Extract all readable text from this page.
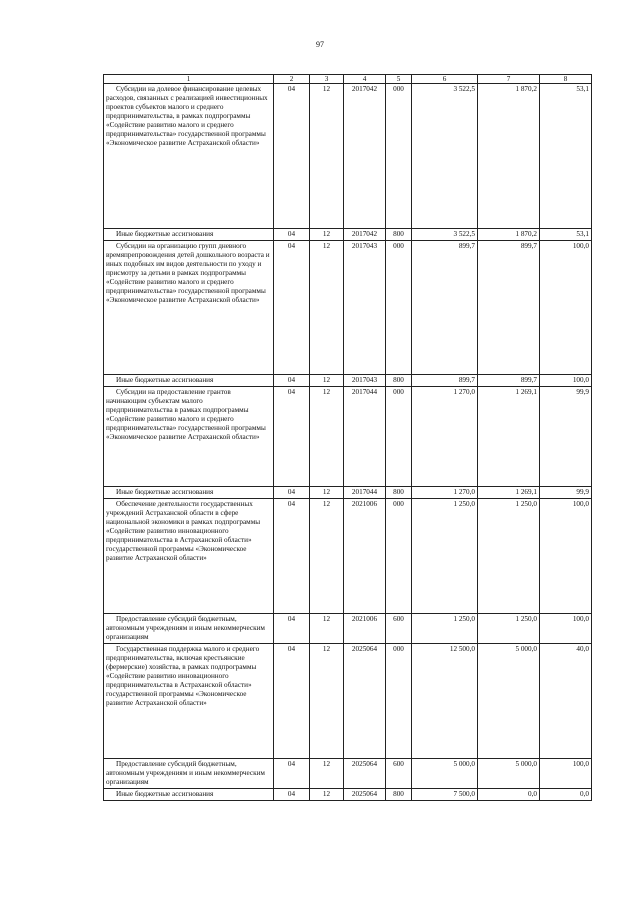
97
1	2	3	4	5	6	7	8
Субсидии на долевое финансирование целевых расходов, связанных с реализацией инвестиционных проектов субъектов малого и среднего предпринимательства, в рамках подпрограммы «Содействие развитию малого и среднего предпринимательства» государственной программы «Экономическое развитие Астраханской области»	04	12	2017042	000	3 522,5	1 870,2	53,1
Иные бюджетные ассигнования	04	12	2017042	800	3 522,5	1 870,2	53,1
Субсидии на организацию групп дневного времяпрепровождения детей дошкольного возраста и иных подобных им видов деятельности по уходу и присмотру за детьми в рамках подпрограммы «Содействие развитию малого и среднего предпринимательства» государственной программы «Экономическое развитие Астраханской области»	04	12	2017043	000	899,7	899,7	100,0
Иные бюджетные ассигнования	04	12	2017043	800	899,7	899,7	100,0
Субсидии на предоставление грантов начинающим субъектам малого предпринимательства в рамках подпрограммы «Содействие развитию малого и среднего предпринимательства» государственной программы «Экономическое развитие Астраханской области»	04	12	2017044	000	1 270,0	1 269,1	99,9
Иные бюджетные ассигнования	04	12	2017044	800	1 270,0	1 269,1	99,9
Обеспечение деятельности государственных учреждений Астраханской области в сфере национальной экономики в рамках подпрограммы «Содействие развитию инновационного предпринимательства в Астраханской области» государственной программы «Экономическое развитие Астраханской области»	04	12	2021006	000	1 250,0	1 250,0	100,0
Предоставление субсидий бюджетным, автономным учреждениям и иным некоммерческим организациям	04	12	2021006	600	1 250,0	1 250,0	100,0
Государственная поддержка малого и среднего предпринимательства, включая крестьянские (фермерские) хозяйства, в рамках подпрограммы «Содействие развитию инновационного предпринимательства в Астраханской области» государственной программы «Экономическое развитие Астраханской области»	04	12	2025064	000	12 500,0	5 000,0	40,0
Предоставление субсидий бюджетным, автономным учреждениям и иным некоммерческим организациям	04	12	2025064	600	5 000,0	5 000,0	100,0
Иные бюджетные ассигнования	04	12	2025064	800	7 500,0	0,0	0,0
